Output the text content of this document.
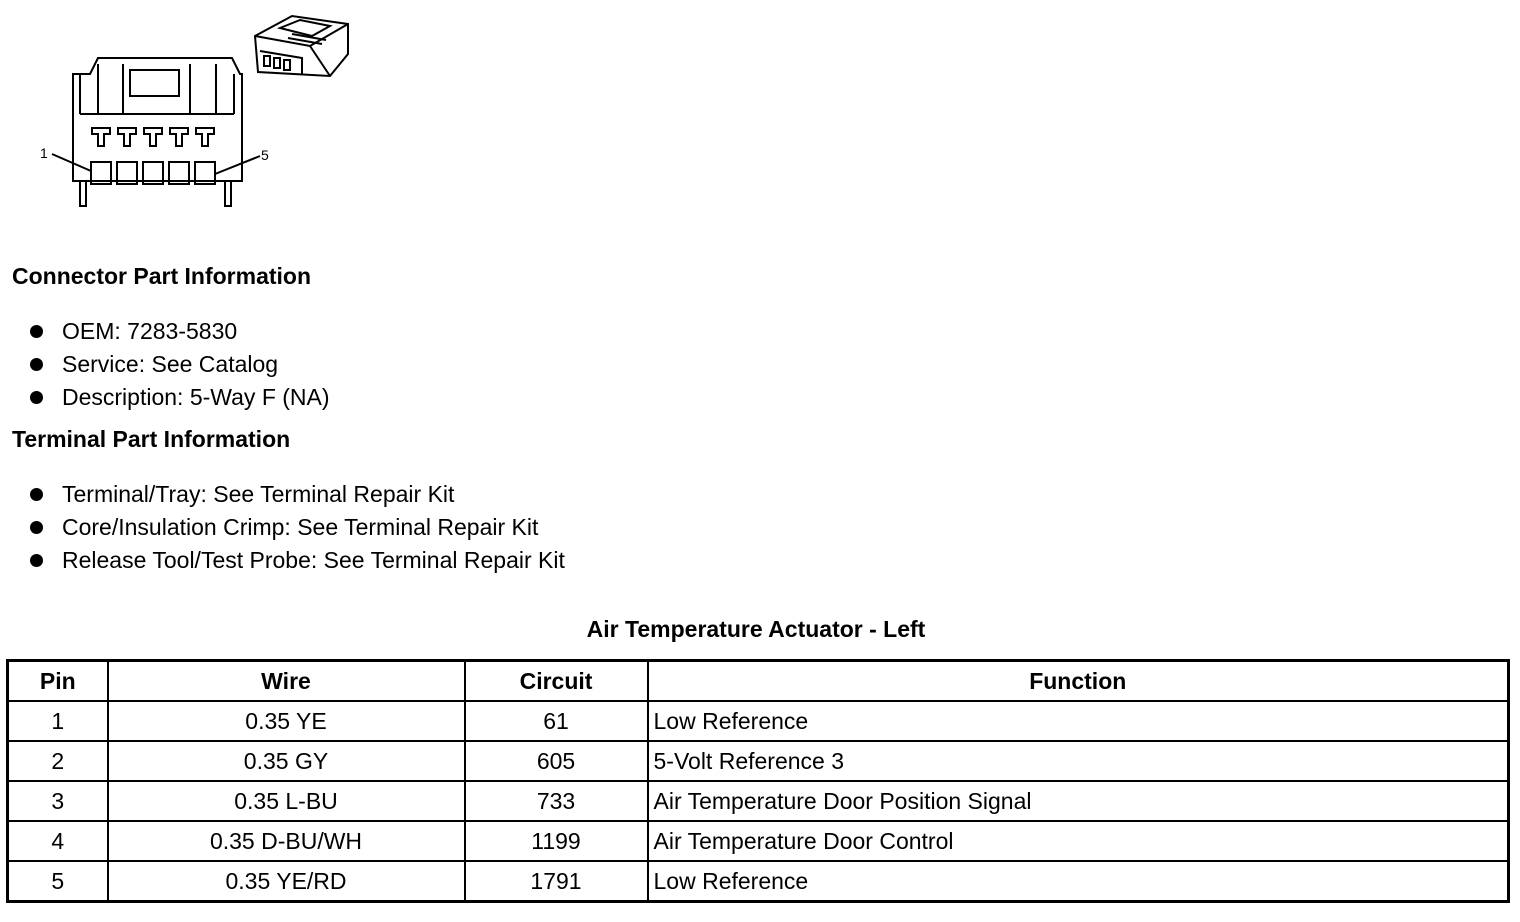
1	5
Connector Part Information
OEM: 7283-5830
Service: See Catalog
Description: 5-Way F (NA)
Terminal Part Information
Terminal/Tray: See Terminal Repair Kit
Core/Insulation Crimp: See Terminal Repair Kit
Release Tool/Test Probe: See Terminal Repair Kit
Air Temperature Actuator - Left
Pin	Wire	Circuit	Function
1	0.35 YE	61	Low Reference
2	0.35 GY	605	5-Volt Reference 3
3	0.35 L-BU	733	Air Temperature Door Position Signal
4	0.35 D-BU/WH	1199	Air Temperature Door Control
5	0.35 YE/RD	1791	Low Reference
